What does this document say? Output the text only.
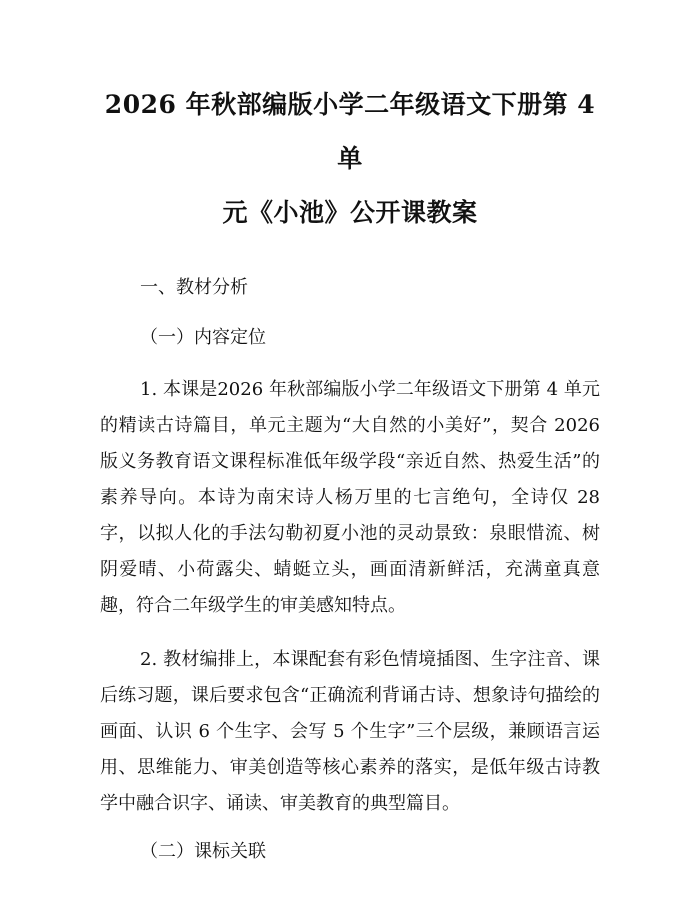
2026 年秋部编版小学二年级语文下册第 4 单
元《小池》公开课教案
一、教材分析
（一）内容定位

1. 本课是2026 年秋部编版小学二年级语文下册第 4 单元的精读古诗篇目，单元主题为“大自然的小美好”，契合 2026 版义务教育语文课程标准低年级学段“亲近自然、热爱生活”的素养导向。本诗为南宋诗人杨万里的七言绝句，全诗仅 28 字，以拟人化的手法勾勒初夏小池的灵动景致：泉眼惜流、树阴爱晴、小荷露尖、蜻蜓立头，画面清新鲜活，充满童真意趣，符合二年级学生的审美感知特点。

2. 教材编排上，本课配套有彩色情境插图、生字注音、课后练习题，课后要求包含“正确流利背诵古诗、想象诗句描绘的画面、认识 6 个生字、会写 5 个生字”三个层级，兼顾语言运用、思维能力、审美创造等核心素养的落实，是低年级古诗教学中融合识字、诵读、审美教育的典型篇目。

（二）课标关联
